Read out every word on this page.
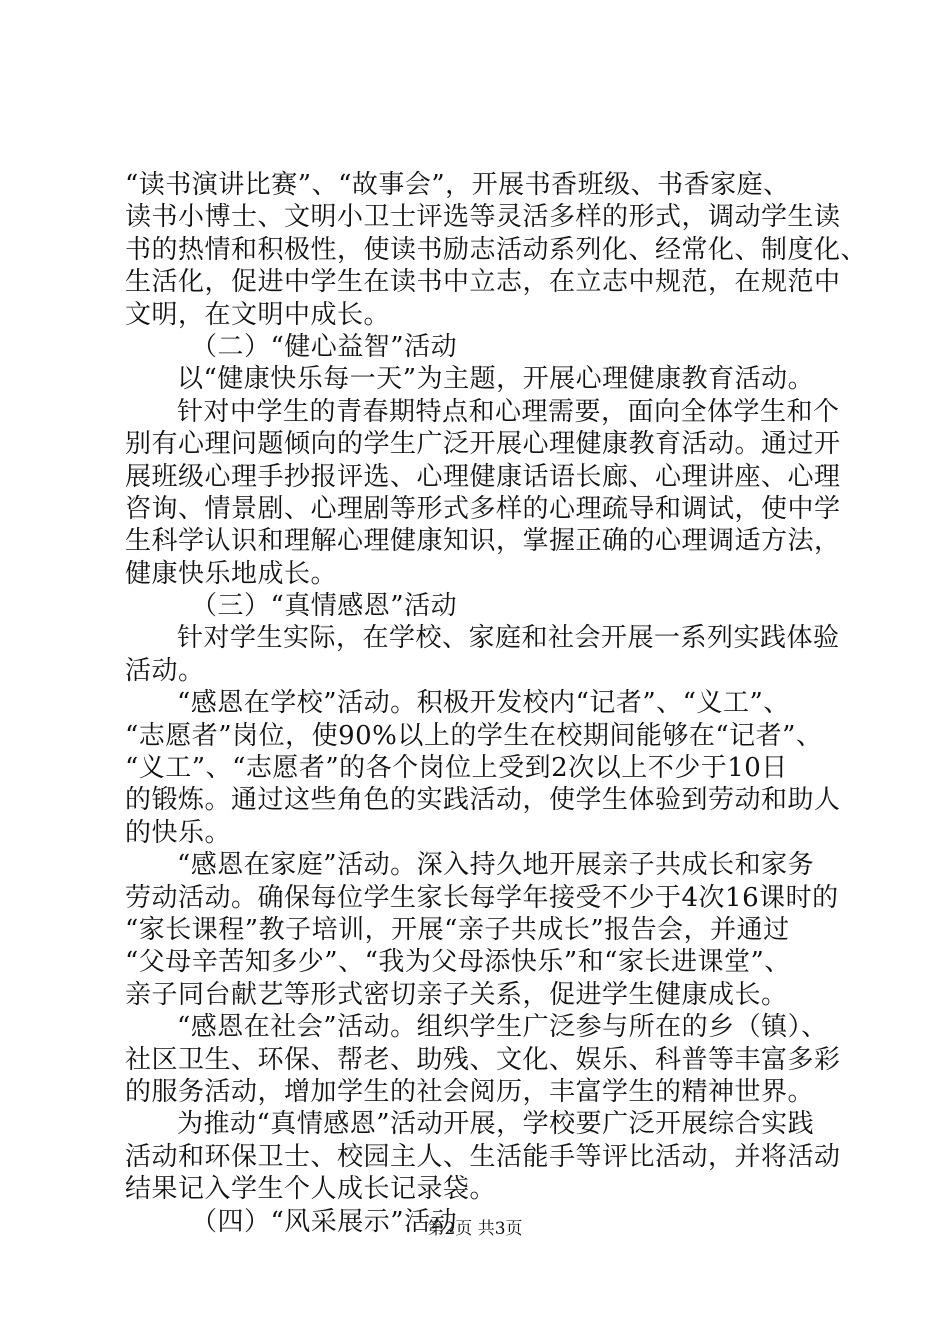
“读书演讲比赛”、“故事会”，开展书香班级、书香家庭、
读书小博士、文明小卫士评选等灵活多样的形式，调动学生读
书的热情和积极性，使读书励志活动系列化、经常化、制度化、
生活化，促进中学生在读书中立志，在立志中规范，在规范中
文明，在文明中成长。
（二）“健心益智”活动
以“健康快乐每一天”为主题，开展心理健康教育活动。
针对中学生的青春期特点和心理需要，面向全体学生和个
别有心理问题倾向的学生广泛开展心理健康教育活动。通过开
展班级心理手抄报评选、心理健康话语长廊、心理讲座、心理
咨询、情景剧、心理剧等形式多样的心理疏导和调试，使中学
生科学认识和理解心理健康知识，掌握正确的心理调适方法，
健康快乐地成长。
（三）“真情感恩”活动
针对学生实际，在学校、家庭和社会开展一系列实践体验
活动。
“感恩在学校”活动。积极开发校内“记者”、“义工”、
“志愿者”岗位，使90%以上的学生在校期间能够在“记者”、
“义工”、“志愿者”的各个岗位上受到2次以上不少于10日
的锻炼。通过这些角色的实践活动，使学生体验到劳动和助人
的快乐。
“感恩在家庭”活动。深入持久地开展亲子共成长和家务
劳动活动。确保每位学生家长每学年接受不少于4次16课时的
“家长课程”教子培训，开展“亲子共成长”报告会，并通过
“父母辛苦知多少”、“我为父母添快乐”和“家长进课堂”、
亲子同台献艺等形式密切亲子关系，促进学生健康成长。
“感恩在社会”活动。组织学生广泛参与所在的乡（镇）、
社区卫生、环保、帮老、助残、文化、娱乐、科普等丰富多彩
的服务活动，增加学生的社会阅历，丰富学生的精神世界。
为推动“真情感恩”活动开展，学校要广泛开展综合实践
活动和环保卫士、校园主人、生活能手等评比活动，并将活动
结果记入学生个人成长记录袋。
（四）“风采展示”活动
第2页 共3页
